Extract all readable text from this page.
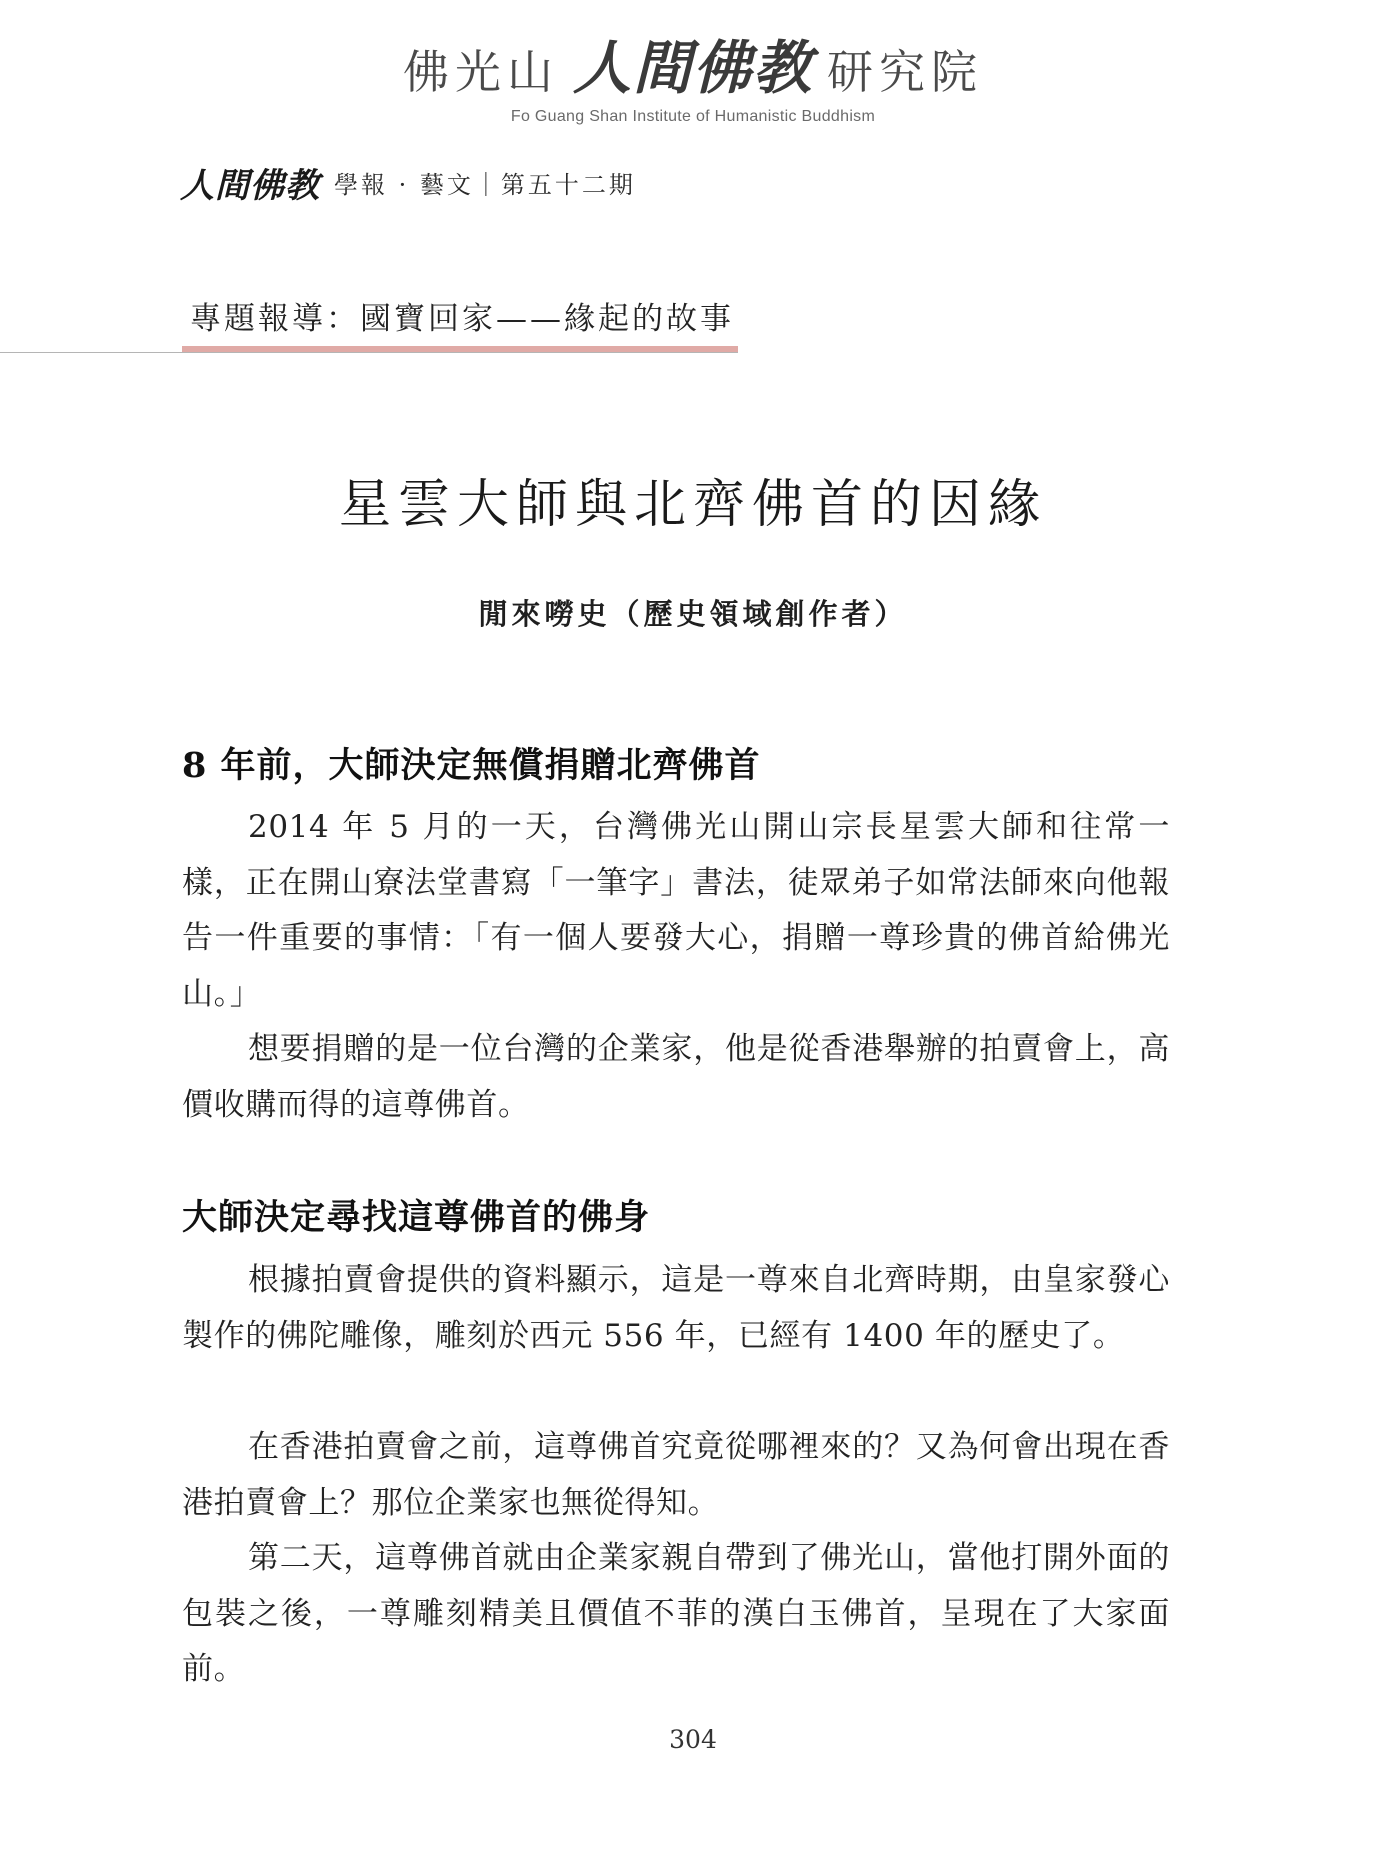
佛光山 人間佛教 研究院
Fo Guang Shan Institute of Humanistic Buddhism
人間佛教 學報 · 藝文｜第五十二期
專題報導：國寶回家——緣起的故事
星雲大師與北齊佛首的因緣
閒來嘮史（歷史領域創作者）
8 年前，大師決定無償捐贈北齊佛首

2014 年 5 月的一天，台灣佛光山開山宗長星雲大師和往常一樣，正在開山寮法堂書寫「一筆字」書法，徒眾弟子如常法師來向他報告一件重要的事情：「有一個人要發大心，捐贈一尊珍貴的佛首給佛光山。」

想要捐贈的是一位台灣的企業家，他是從香港舉辦的拍賣會上，高價收購而得的這尊佛首。

大師決定尋找這尊佛首的佛身

根據拍賣會提供的資料顯示，這是一尊來自北齊時期，由皇家發心製作的佛陀雕像，雕刻於西元 556 年，已經有 1400 年的歷史了。

在香港拍賣會之前，這尊佛首究竟從哪裡來的？又為何會出現在香港拍賣會上？那位企業家也無從得知。

第二天，這尊佛首就由企業家親自帶到了佛光山，當他打開外面的包裝之後，一尊雕刻精美且價值不菲的漢白玉佛首，呈現在了大家面前。

304
